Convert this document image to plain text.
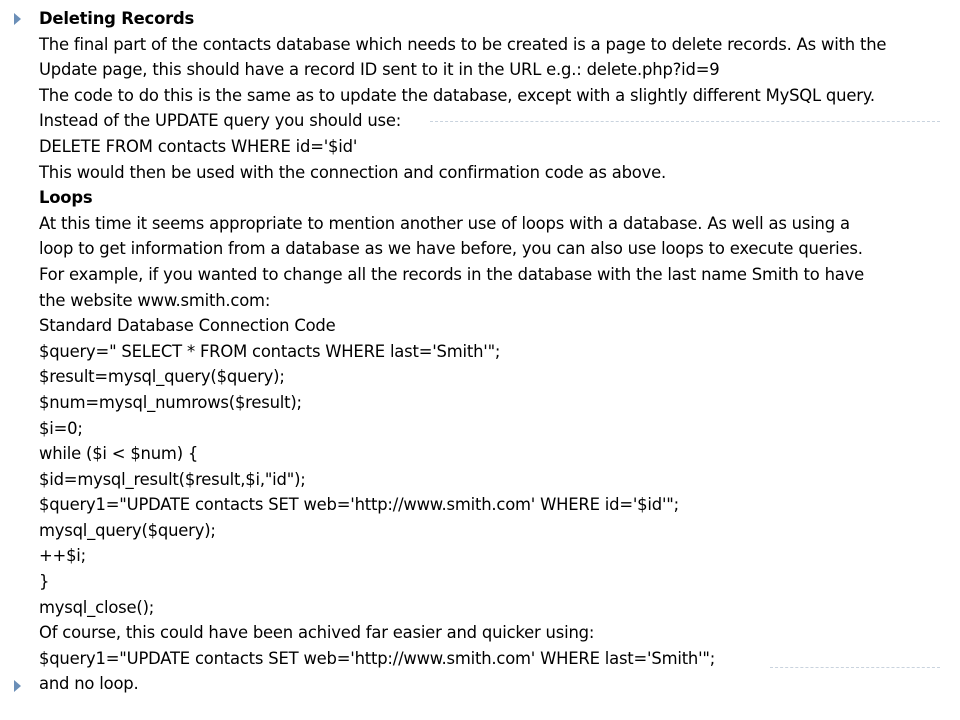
Deleting Records
The final part of the contacts database which needs to be created is a page to delete records. As with the
Update page, this should have a record ID sent to it in the URL e.g.: delete.php?id=9
The code to do this is the same as to update the database, except with a slightly different MySQL query.
Instead of the UPDATE query you should use:
DELETE FROM contacts WHERE id='$id'
This would then be used with the connection and confirmation code as above.
Loops
At this time it seems appropriate to mention another use of loops with a database. As well as using a
loop to get information from a database as we have before, you can also use loops to execute queries.
For example, if you wanted to change all the records in the database with the last name Smith to have
the website www.smith.com:
Standard Database Connection Code
$query=" SELECT * FROM contacts WHERE last='Smith'";
$result=mysql_query($query);
$num=mysql_numrows($result);
$i=0;
while ($i < $num) {
$id=mysql_result($result,$i,"id");
$query1="UPDATE contacts SET web='http://www.smith.com' WHERE id='$id'";
mysql_query($query);
++$i;
}
mysql_close();
Of course, this could have been achived far easier and quicker using:
$query1="UPDATE contacts SET web='http://www.smith.com' WHERE last='Smith'";
and no loop.
